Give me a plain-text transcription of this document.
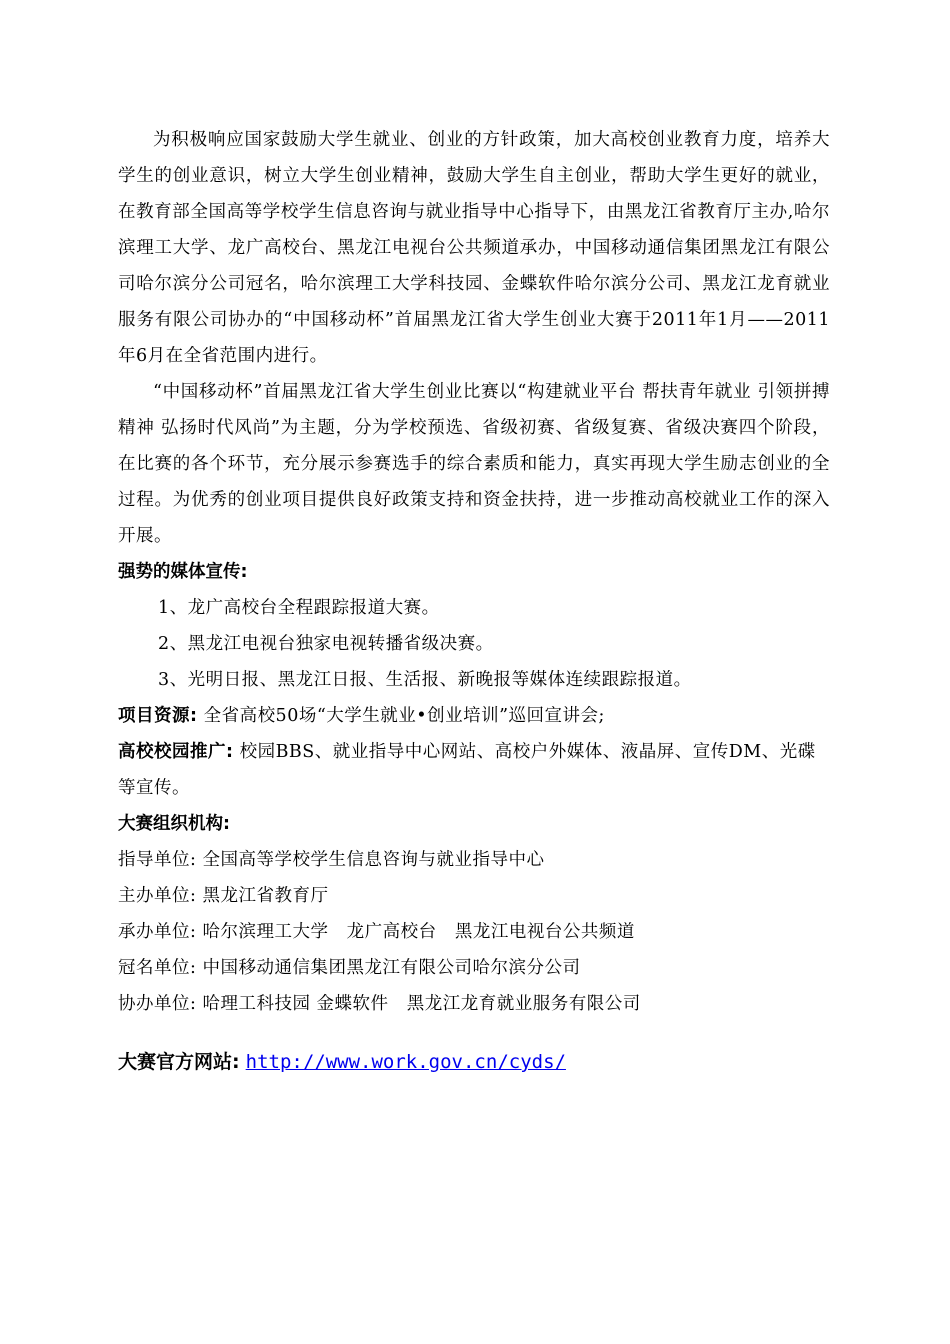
为积极响应国家鼓励大学生就业、创业的方针政策，加大高校创业教育力度，培养大学生的创业意识，树立大学生创业精神，鼓励大学生自主创业，帮助大学生更好的就业，在教育部全国高等学校学生信息咨询与就业指导中心指导下，由黑龙江省教育厅主办,哈尔滨理工大学、龙广高校台、黑龙江电视台公共频道承办，中国移动通信集团黑龙江有限公司哈尔滨分公司冠名，哈尔滨理工大学科技园、金蝶软件哈尔滨分公司、黑龙江龙育就业服务有限公司协办的“中国移动杯”首届黑龙江省大学生创业大赛于2011年1月——2011年6月在全省范围内进行。

“中国移动杯”首届黑龙江省大学生创业比赛以“构建就业平台 帮扶青年就业 引领拼搏精神 弘扬时代风尚”为主题，分为学校预选、省级初赛、省级复赛、省级决赛四个阶段，在比赛的各个环节，充分展示参赛选手的综合素质和能力，真实再现大学生励志创业的全过程。为优秀的创业项目提供良好政策支持和资金扶持，进一步推动高校就业工作的深入开展。

强势的媒体宣传:

1、龙广高校台全程跟踪报道大赛。

2、黑龙江电视台独家电视转播省级决赛。

3、光明日报、黑龙江日报、生活报、新晚报等媒体连续跟踪报道。

项目资源: 全省高校50场“大学生就业•创业培训”巡回宣讲会;

高校校园推广: 校园BBS、就业指导中心网站、高校户外媒体、液晶屏、宣传DM、光碟等宣传。

大赛组织机构:

指导单位: 全国高等学校学生信息咨询与就业指导中心

主办单位: 黑龙江省教育厅

承办单位: 哈尔滨理工大学   龙广高校台   黑龙江电视台公共频道

冠名单位: 中国移动通信集团黑龙江有限公司哈尔滨分公司

协办单位: 哈理工科技园 金蝶软件   黑龙江龙育就业服务有限公司

大赛官方网站: http://www.work.gov.cn/cyds/
